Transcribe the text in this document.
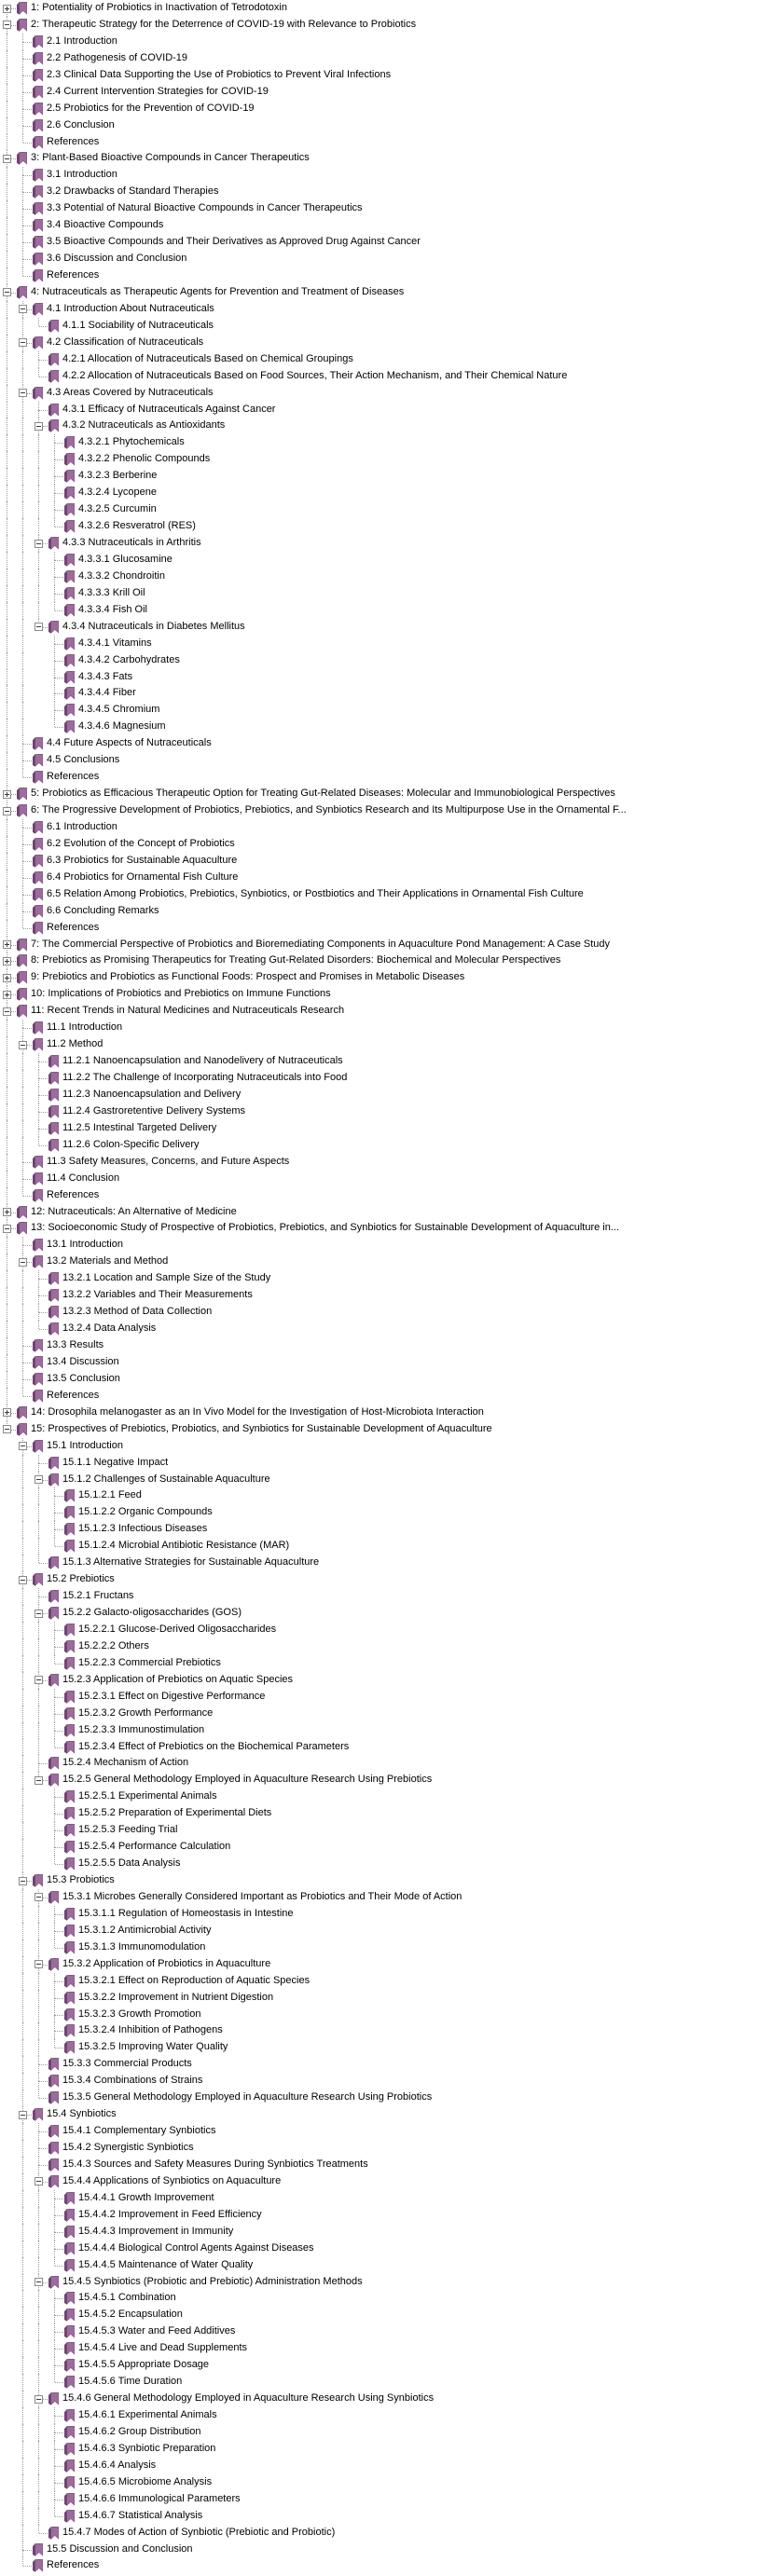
1: Potentiality of Probiotics in Inactivation of Tetrodotoxin
2: Therapeutic Strategy for the Deterrence of COVID-19 with Relevance to Probiotics
2.1 Introduction
2.2 Pathogenesis of COVID-19
2.3 Clinical Data Supporting the Use of Probiotics to Prevent Viral Infections
2.4 Current Intervention Strategies for COVID-19
2.5 Probiotics for the Prevention of COVID-19
2.6 Conclusion
References
3: Plant-Based Bioactive Compounds in Cancer Therapeutics
3.1 Introduction
3.2 Drawbacks of Standard Therapies
3.3 Potential of Natural Bioactive Compounds in Cancer Therapeutics
3.4 Bioactive Compounds
3.5 Bioactive Compounds and Their Derivatives as Approved Drug Against Cancer
3.6 Discussion and Conclusion
References
4: Nutraceuticals as Therapeutic Agents for Prevention and Treatment of Diseases
4.1 Introduction About Nutraceuticals
4.1.1 Sociability of Nutraceuticals
4.2 Classification of Nutraceuticals
4.2.1 Allocation of Nutraceuticals Based on Chemical Groupings
4.2.2 Allocation of Nutraceuticals Based on Food Sources, Their Action Mechanism, and Their Chemical Nature
4.3 Areas Covered by Nutraceuticals
4.3.1 Efficacy of Nutraceuticals Against Cancer
4.3.2 Nutraceuticals as Antioxidants
4.3.2.1 Phytochemicals
4.3.2.2 Phenolic Compounds
4.3.2.3 Berberine
4.3.2.4 Lycopene
4.3.2.5 Curcumin
4.3.2.6 Resveratrol (RES)
4.3.3 Nutraceuticals in Arthritis
4.3.3.1 Glucosamine
4.3.3.2 Chondroitin
4.3.3.3 Krill Oil
4.3.3.4 Fish Oil
4.3.4 Nutraceuticals in Diabetes Mellitus
4.3.4.1 Vitamins
4.3.4.2 Carbohydrates
4.3.4.3 Fats
4.3.4.4 Fiber
4.3.4.5 Chromium
4.3.4.6 Magnesium
4.4 Future Aspects of Nutraceuticals
4.5 Conclusions
References
5: Probiotics as Efficacious Therapeutic Option for Treating Gut-Related Diseases: Molecular and Immunobiological Perspectives
6: The Progressive Development of Probiotics, Prebiotics, and Synbiotics Research and Its Multipurpose Use in the Ornamental F...
6.1 Introduction
6.2 Evolution of the Concept of Probiotics
6.3 Probiotics for Sustainable Aquaculture
6.4 Probiotics for Ornamental Fish Culture
6.5 Relation Among Probiotics, Prebiotics, Synbiotics, or Postbiotics and Their Applications in Ornamental Fish Culture
6.6 Concluding Remarks
References
7: The Commercial Perspective of Probiotics and Bioremediating Components in Aquaculture Pond Management: A Case Study
8: Prebiotics as Promising Therapeutics for Treating Gut-Related Disorders: Biochemical and Molecular Perspectives
9: Prebiotics and Probiotics as Functional Foods: Prospect and Promises in Metabolic Diseases
10: Implications of Probiotics and Prebiotics on Immune Functions
11: Recent Trends in Natural Medicines and Nutraceuticals Research
11.1 Introduction
11.2 Method
11.2.1 Nanoencapsulation and Nanodelivery of Nutraceuticals
11.2.2 The Challenge of Incorporating Nutraceuticals into Food
11.2.3 Nanoencapsulation and Delivery
11.2.4 Gastroretentive Delivery Systems
11.2.5 Intestinal Targeted Delivery
11.2.6 Colon-Specific Delivery
11.3 Safety Measures, Concerns, and Future Aspects
11.4 Conclusion
References
12: Nutraceuticals: An Alternative of Medicine
13: Socioeconomic Study of Prospective of Probiotics, Prebiotics, and Synbiotics for Sustainable Development of Aquaculture in...
13.1 Introduction
13.2 Materials and Method
13.2.1 Location and Sample Size of the Study
13.2.2 Variables and Their Measurements
13.2.3 Method of Data Collection
13.2.4 Data Analysis
13.3 Results
13.4 Discussion
13.5 Conclusion
References
14: Drosophila melanogaster as an In Vivo Model for the Investigation of Host-Microbiota Interaction
15: Prospectives of Prebiotics, Probiotics, and Synbiotics for Sustainable Development of Aquaculture
15.1 Introduction
15.1.1 Negative Impact
15.1.2 Challenges of Sustainable Aquaculture
15.1.2.1 Feed
15.1.2.2 Organic Compounds
15.1.2.3 Infectious Diseases
15.1.2.4 Microbial Antibiotic Resistance (MAR)
15.1.3 Alternative Strategies for Sustainable Aquaculture
15.2 Prebiotics
15.2.1 Fructans
15.2.2 Galacto-oligosaccharides (GOS)
15.2.2.1 Glucose-Derived Oligosaccharides
15.2.2.2 Others
15.2.2.3 Commercial Prebiotics
15.2.3 Application of Prebiotics on Aquatic Species
15.2.3.1 Effect on Digestive Performance
15.2.3.2 Growth Performance
15.2.3.3 Immunostimulation
15.2.3.4 Effect of Prebiotics on the Biochemical Parameters
15.2.4 Mechanism of Action
15.2.5 General Methodology Employed in Aquaculture Research Using Prebiotics
15.2.5.1 Experimental Animals
15.2.5.2 Preparation of Experimental Diets
15.2.5.3 Feeding Trial
15.2.5.4 Performance Calculation
15.2.5.5 Data Analysis
15.3 Probiotics
15.3.1 Microbes Generally Considered Important as Probiotics and Their Mode of Action
15.3.1.1 Regulation of Homeostasis in Intestine
15.3.1.2 Antimicrobial Activity
15.3.1.3 Immunomodulation
15.3.2 Application of Probiotics in Aquaculture
15.3.2.1 Effect on Reproduction of Aquatic Species
15.3.2.2 Improvement in Nutrient Digestion
15.3.2.3 Growth Promotion
15.3.2.4 Inhibition of Pathogens
15.3.2.5 Improving Water Quality
15.3.3 Commercial Products
15.3.4 Combinations of Strains
15.3.5 General Methodology Employed in Aquaculture Research Using Probiotics
15.4 Synbiotics
15.4.1 Complementary Synbiotics
15.4.2 Synergistic Synbiotics
15.4.3 Sources and Safety Measures During Synbiotics Treatments
15.4.4 Applications of Synbiotics on Aquaculture
15.4.4.1 Growth Improvement
15.4.4.2 Improvement in Feed Efficiency
15.4.4.3 Improvement in Immunity
15.4.4.4 Biological Control Agents Against Diseases
15.4.4.5 Maintenance of Water Quality
15.4.5 Synbiotics (Probiotic and Prebiotic) Administration Methods
15.4.5.1 Combination
15.4.5.2 Encapsulation
15.4.5.3 Water and Feed Additives
15.4.5.4 Live and Dead Supplements
15.4.5.5 Appropriate Dosage
15.4.5.6 Time Duration
15.4.6 General Methodology Employed in Aquaculture Research Using Synbiotics
15.4.6.1 Experimental Animals
15.4.6.2 Group Distribution
15.4.6.3 Synbiotic Preparation
15.4.6.4 Analysis
15.4.6.5 Microbiome Analysis
15.4.6.6 Immunological Parameters
15.4.6.7 Statistical Analysis
15.4.7 Modes of Action of Synbiotic (Prebiotic and Probiotic)
15.5 Discussion and Conclusion
References
